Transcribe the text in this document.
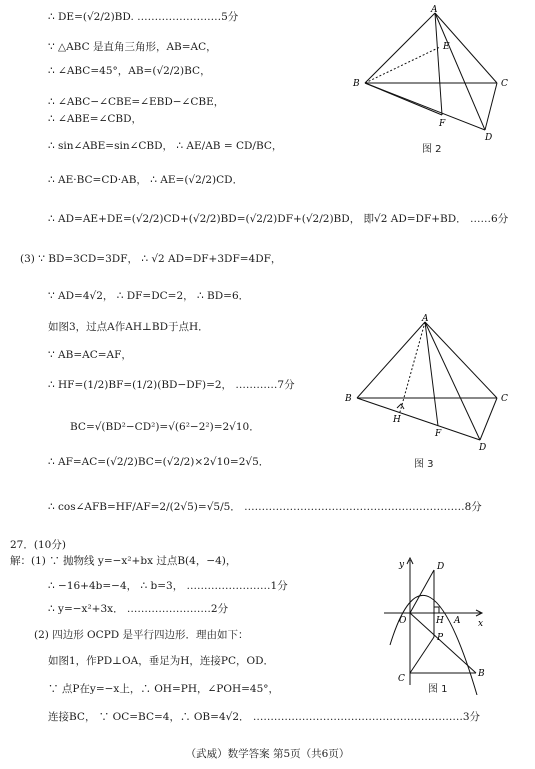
∴ DE=(√2/2)BD. ……………………5分
∵ △ABC 是直角三角形，AB=AC，
∴ ∠ABC=45°，AB=(√2/2)BC，
∴ ∠ABC−∠CBE=∠EBD−∠CBE，
∴ ∠ABE=∠CBD，
∴ sin∠ABE=sin∠CBD， ∴ AE/AB = CD/BC，
∴ AE·BC=CD·AB， ∴ AE=(√2/2)CD．
∴ AD=AE+DE=(√2/2)CD+(√2/2)BD=(√2/2)DF+(√2/2)BD， 即√2 AD=DF+BD． ……6分
(3) ∵ BD=3CD=3DF， ∴ √2 AD=DF+3DF=4DF，
∵ AD=4√2， ∴ DF=DC=2， ∴ BD=6．
如图3，过点A作AH⊥BD于点H．
∵ AB=AC=AF，
∴ HF=(1/2)BF=(1/2)(BD−DF)=2， …………7分
BC=√(BD²−CD²)=√(6²−2²)=2√10．
∴ AF=AC=(√2/2)BC=(√2/2)×2√10=2√5．
∴ cos∠AFB=HF/AF=2/(2√5)=√5/5． ………………………………………………………8分
27．(10分)
解：(1) ∵ 抛物线 y=−x²+bx 过点B(4，−4)，
∴ −16+4b=−4， ∴ b=3， ……………………1分
∴ y=−x²+3x． ……………………2分
(2) 四边形 OCPD 是平行四边形．理由如下：
如图1，作PD⊥OA，垂足为H，连接PC，OD．
∵ 点P在y=−x上，∴ OH=PH，∠POH=45°，
连接BC， ∵ OC=BC=4，∴ OB=4√2． ……………………………………………………3分
A
B	C
D
E
F
图 2
A
B	C
D
H
F
图 3
y
x
O	A
H
D
P
C	B
图 1
（武威）数学答案 第5页（共6页）
